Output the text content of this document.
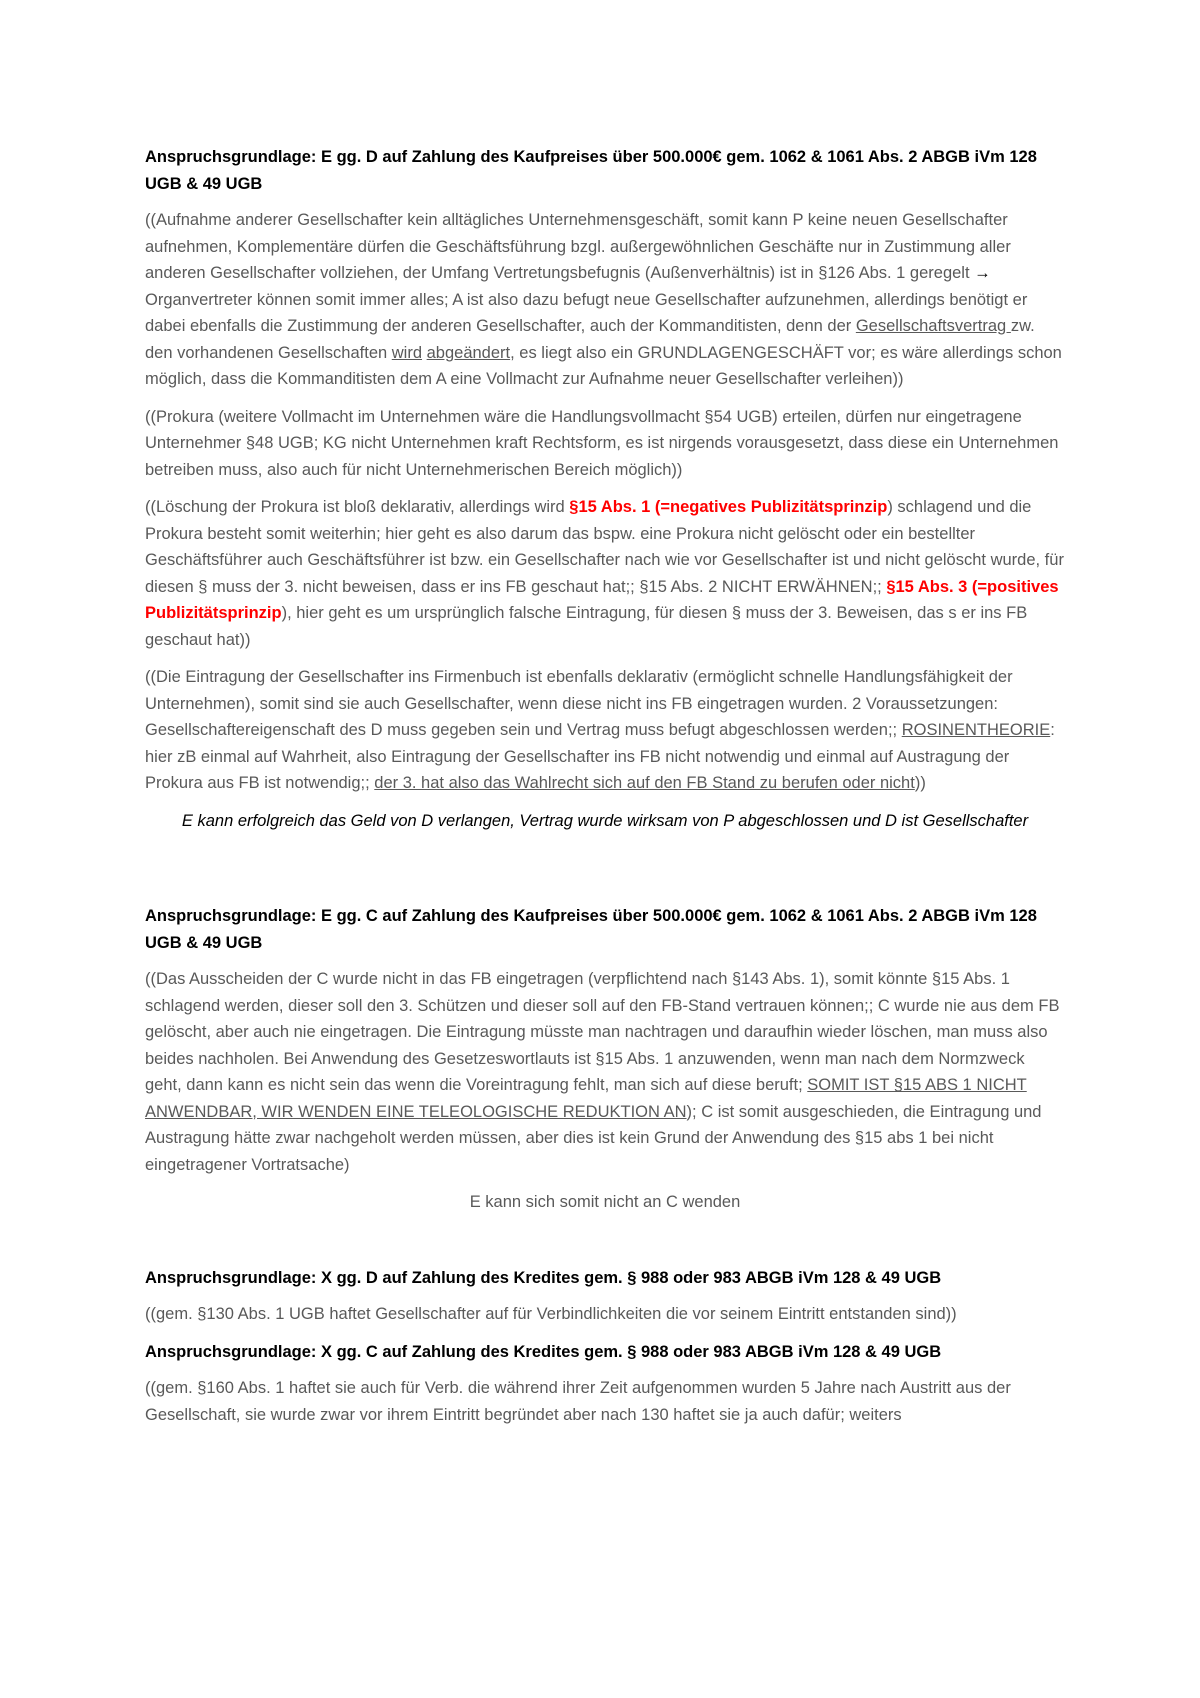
Anspruchsgrundlage: E gg. D auf Zahlung des Kaufpreises über 500.000€ gem. 1062 & 1061 Abs. 2 ABGB iVm 128 UGB & 49 UGB

((Aufnahme anderer Gesellschafter kein alltägliches Unternehmensgeschäft, somit kann P keine neuen Gesellschafter aufnehmen, Komplementäre dürfen die Geschäftsführung bzgl. außergewöhnlichen Geschäfte nur in Zustimmung aller anderen Gesellschafter vollziehen, der Umfang Vertretungsbefugnis (Außenverhältnis) ist in §126 Abs. 1 geregelt → Organvertreter können somit immer alles; A ist also dazu befugt neue Gesellschafter aufzunehmen, allerdings benötigt er dabei ebenfalls die Zustimmung der anderen Gesellschafter, auch der Kommanditisten, denn der Gesellschaftsvertrag zw. den vorhandenen Gesellschaften wird abgeändert, es liegt also ein GRUNDLAGENGESCHÄFT vor; es wäre allerdings schon möglich, dass die Kommanditisten dem A eine Vollmacht zur Aufnahme neuer Gesellschafter verleihen))

((Prokura (weitere Vollmacht im Unternehmen wäre die Handlungsvollmacht §54 UGB) erteilen, dürfen nur eingetragene Unternehmer §48 UGB; KG nicht Unternehmen kraft Rechtsform, es ist nirgends vorausgesetzt, dass diese ein Unternehmen betreiben muss, also auch für nicht Unternehmerischen Bereich möglich))

((Löschung der Prokura ist bloß deklarativ, allerdings wird §15 Abs. 1 (=negatives Publizitätsprinzip) schlagend und die Prokura besteht somit weiterhin; hier geht es also darum das bspw. eine Prokura nicht gelöscht oder ein bestellter Geschäftsführer auch Geschäftsführer ist bzw. ein Gesellschafter nach wie vor Gesellschafter ist und nicht gelöscht wurde, für diesen § muss der 3. nicht beweisen, dass er ins FB geschaut hat;; §15 Abs. 2 NICHT ERWÄHNEN;; §15 Abs. 3 (=positives Publizitätsprinzip), hier geht es um ursprünglich falsche Eintragung, für diesen § muss der 3. Beweisen, das s er ins FB geschaut hat))

((Die Eintragung der Gesellschafter ins Firmenbuch ist ebenfalls deklarativ (ermöglicht schnelle Handlungsfähigkeit der Unternehmen), somit sind sie auch Gesellschafter, wenn diese nicht ins FB eingetragen wurden. 2 Voraussetzungen: Gesellschaftereigenschaft des D muss gegeben sein und Vertrag muss befugt abgeschlossen werden;; ROSINENTHEORIE: hier zB einmal auf Wahrheit, also Eintragung der Gesellschafter ins FB nicht notwendig und einmal auf Austragung der Prokura aus FB ist notwendig;; der 3. hat also das Wahlrecht sich auf den FB Stand zu berufen oder nicht))

E kann erfolgreich das Geld von D verlangen, Vertrag wurde wirksam von P abgeschlossen und D ist Gesellschafter

Anspruchsgrundlage: E gg. C auf Zahlung des Kaufpreises über 500.000€ gem. 1062 & 1061 Abs. 2 ABGB iVm 128 UGB & 49 UGB

((Das Ausscheiden der C wurde nicht in das FB eingetragen (verpflichtend nach §143 Abs. 1), somit könnte §15 Abs. 1 schlagend werden, dieser soll den 3. Schützen und dieser soll auf den FB-Stand vertrauen können;; C wurde nie aus dem FB gelöscht, aber auch nie eingetragen. Die Eintragung müsste man nachtragen und daraufhin wieder löschen, man muss also beides nachholen. Bei Anwendung des Gesetzeswortlauts ist §15 Abs. 1 anzuwenden, wenn man nach dem Normzweck geht, dann kann es nicht sein das wenn die Voreintragung fehlt, man sich auf diese beruft; SOMIT IST §15 ABS 1 NICHT ANWENDBAR, WIR WENDEN EINE TELEOLOGISCHE REDUKTION AN); C ist somit ausgeschieden, die Eintragung und Austragung hätte zwar nachgeholt werden müssen, aber dies ist kein Grund der Anwendung des §15 abs 1 bei nicht eingetragener Vortratsache)

E kann sich somit nicht an C wenden

Anspruchsgrundlage: X gg. D auf Zahlung des Kredites gem. § 988 oder 983 ABGB iVm 128 & 49 UGB

((gem. §130 Abs. 1 UGB haftet Gesellschafter auf für Verbindlichkeiten die vor seinem Eintritt entstanden sind))

Anspruchsgrundlage: X gg. C auf Zahlung des Kredites gem. § 988 oder 983 ABGB iVm 128 & 49 UGB

((gem. §160 Abs. 1 haftet sie auch für Verb. die während ihrer Zeit aufgenommen wurden 5 Jahre nach Austritt aus der Gesellschaft, sie wurde zwar vor ihrem Eintritt begründet aber nach 130 haftet sie ja auch dafür; weiters
